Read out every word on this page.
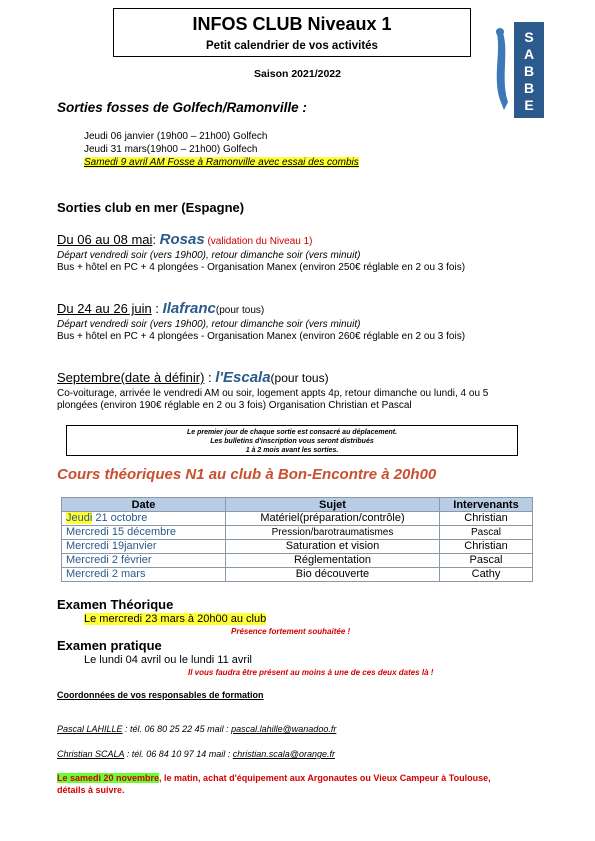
INFOS CLUB Niveaux 1
Petit calendrier de vos activités
Saison 2021/2022
S
A
B
B
E
Sorties fosses de Golfech/Ramonville :
Jeudi 06 janvier (19h00 – 21h00) Golfech
Jeudi 31 mars(19h00 – 21h00) Golfech
Samedi 9 avril AM Fosse à Ramonville avec essai des combis
Sorties club en mer (Espagne)
Du 06 au 08 mai: Rosas (validation du Niveau 1)
Départ vendredi soir (vers 19h00), retour dimanche soir (vers minuit)
Bus + hôtel en PC + 4 plongées - Organisation Manex (environ 250€ réglable en 2 ou 3 fois)
Du 24 au 26 juin : Ilafranc(pour tous)
Départ vendredi soir (vers 19h00), retour dimanche soir (vers minuit)
Bus + hôtel en PC + 4 plongées - Organisation Manex (environ 260€ réglable en 2 ou 3 fois)
Septembre(date à définir) : l'Escala(pour tous)
Co-voiturage, arrivée le vendredi AM ou soir, logement appts 4p, retour dimanche ou lundi, 4 ou 5
plongées (environ 190€ réglable en 2 ou 3 fois) Organisation Christian et Pascal
Le premier jour de chaque sortie est consacré au déplacement.
Les bulletins d'inscription vous seront distribués
1 à 2 mois avant les sorties.
Cours théoriques N1 au club à Bon-Encontre à 20h00
Date	Sujet	Intervenants
Jeudi 21 octobre	Matériel(préparation/contrôle)	Christian
Mercredi 15 décembre	Pression/barotraumatismes	Pascal
Mercredi 19janvier	Saturation et vision	Christian
Mercredi 2 février	Réglementation	Pascal
Mercredi 2 mars	Bio découverte	Cathy
Examen Théorique
Le mercredi 23 mars à 20h00 au club
Présence fortement souhaitée !
Examen pratique
Le lundi 04 avril ou le lundi 11 avril
Il vous faudra être présent au moins à une de ces deux dates là !
Coordonnées de vos responsables de formation
Pascal LAHILLE : tél. 06 80 25 22 45 mail : pascal.lahille@wanadoo.fr
Christian SCALA : tél. 06 84 10 97 14 mail : christian.scala@orange.fr
Le samedi 20 novembre, le matin, achat d'équipement aux Argonautes ou Vieux Campeur à Toulouse, détails à suivre.
